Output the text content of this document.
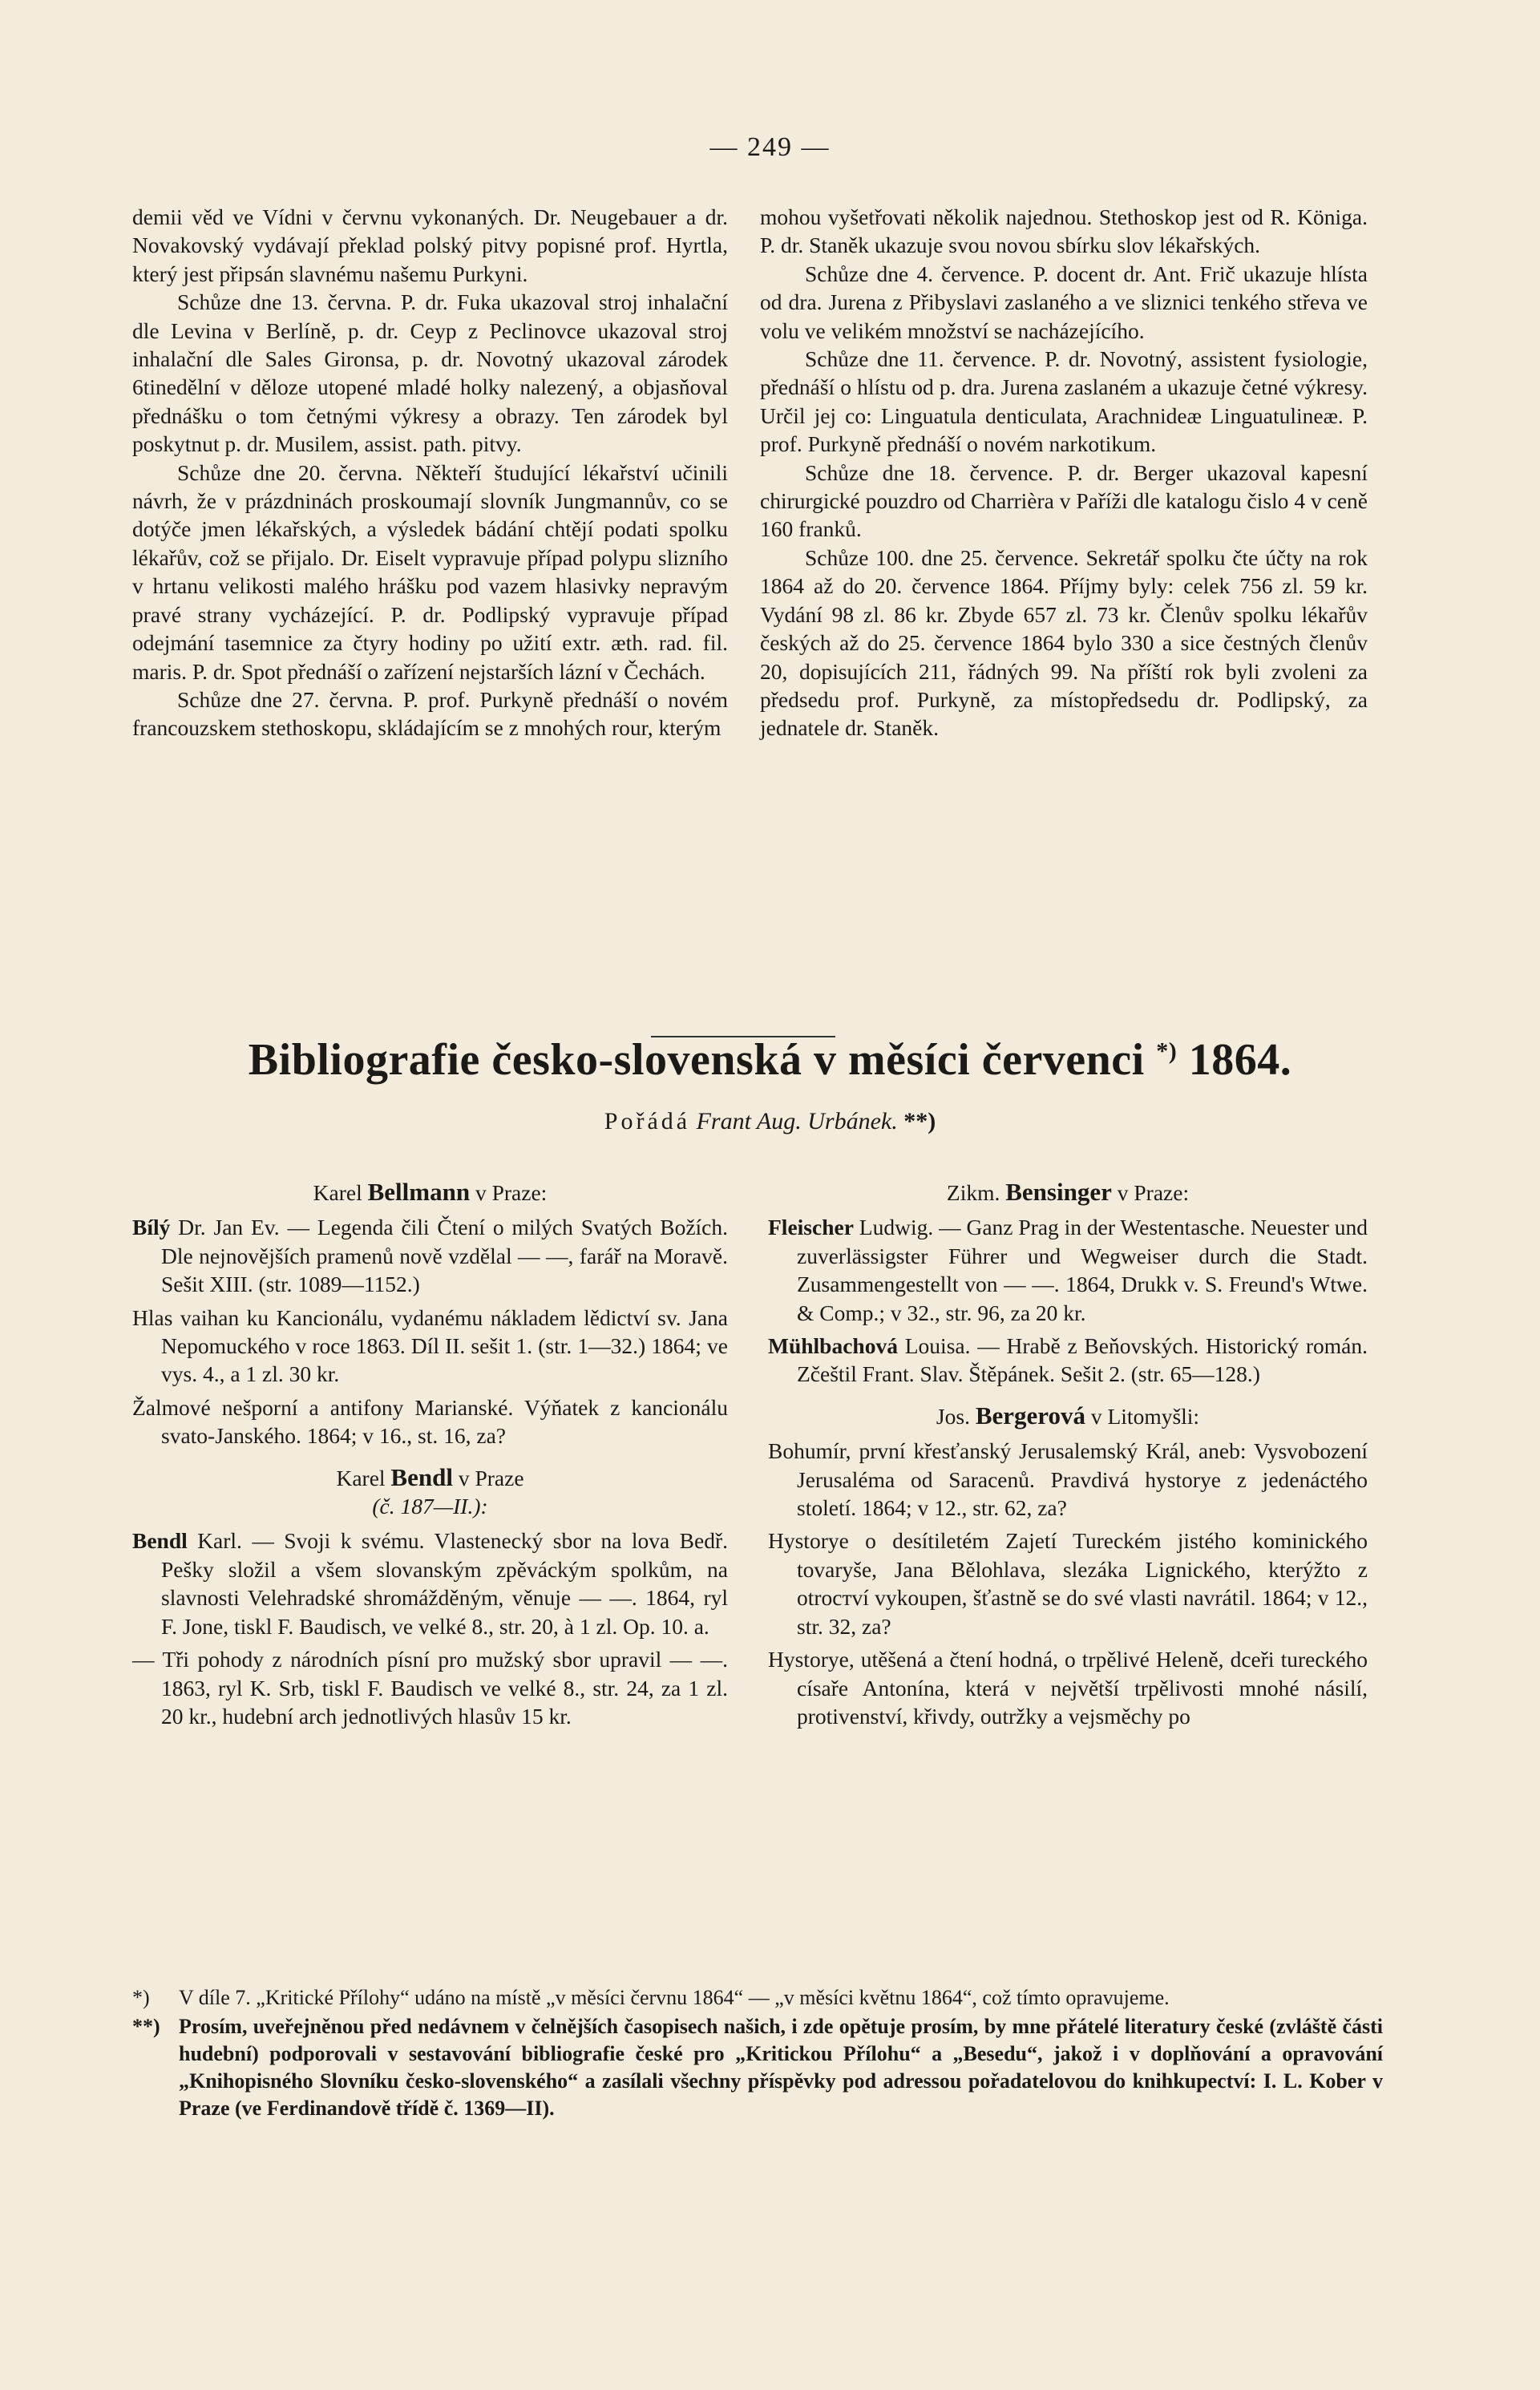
— 249 —

demii věd ve Vídni v červnu vykonaných. Dr. Neugebauer a dr. Novakovský vydávají překlad polský pitvy popisné prof. Hyrtla, který jest připsán slavnému našemu Purkyni.

Schůze dne 13. června. P. dr. Fuka ukazoval stroj inhalační dle Levina v Berlíně, p. dr. Ceyp z Peclinovce ukazoval stroj inhalační dle Sales Gironsa, p. dr. Novotný ukazoval zárodek 6tinedělní v děloze utopené mladé holky nalezený, a objasňoval přednášku o tom četnými výkresy a obrazy. Ten zárodek byl poskytnut p. dr. Musilem, assist. path. pitvy.

Schůze dne 20. června. Někteří študující lékařství učinili návrh, že v prázdninách proskoumají slovník Jungmannův, co se dotýče jmen lékařských, a výsledek bádání chtějí podati spolku lékařův, což se přijalo. Dr. Eiselt vypravuje případ polypu slizního v hrtanu velikosti malého hrášku pod vazem hlasivky nepravým pravé strany vycházející. P. dr. Podlipský vypravuje případ odejmání tasemnice za čtyry hodiny po užití extr. æth. rad. fil. maris. P. dr. Spot přednáší o zařízení nejstarších lázní v Čechách.

Schůze dne 27. června. P. prof. Purkyně přednáší o novém francouzskem stethoskopu, skládajícím se z mnohých rour, kterým

mohou vyšetřovati několik najednou. Stethoskop jest od R. Königa. P. dr. Staněk ukazuje svou novou sbírku slov lékařských.

Schůze dne 4. července. P. docent dr. Ant. Frič ukazuje hlísta od dra. Jurena z Přibyslavi zaslaného a ve sliznici tenkého střeva ve volu ve velikém množství se nacházejícího.

Schůze dne 11. července. P. dr. Novotný, assistent fysiologie, přednáší o hlístu od p. dra. Jurena zaslaném a ukazuje četné výkresy. Určil jej co: Linguatula denticulata, Arachnideæ Linguatulineæ. P. prof. Purkyně přednáší o novém narkotikum.

Schůze dne 18. července. P. dr. Berger ukazoval kapesní chirurgické pouzdro od Charrièra v Paříži dle katalogu čislo 4 v ceně 160 franků.

Schůze 100. dne 25. července. Sekretář spolku čte účty na rok 1864 až do 20. července 1864. Příjmy byly: celek 756 zl. 59 kr. Vydání 98 zl. 86 kr. Zbyde 657 zl. 73 kr. Členův spolku lékařův českých až do 25. července 1864 bylo 330 a sice čestných členův 20, dopisujících 211, řádných 99. Na příští rok byli zvoleni za předsedu prof. Purkyně, za místopředsedu dr. Podlipský, za jednatele dr. Staněk.

Bibliografie česko-slovenská v měsíci červenci *) 1864.
Pořádá Frant Aug. Urbánek. **)

Karel Bellmann v Praze:

Bílý Dr. Jan Ev. — Legenda čili Čtení o milých Svatých Božích. Dle nejnovějších pramenů nově vzdělal — —, farář na Moravě. Sešit XIII. (str. 1089—1152.)

Hlas vaihan ku Kancionálu, vydanému nákladem lědictví sv. Jana Nepomuckého v roce 1863. Díl II. sešit 1. (str. 1—32.) 1864; ve vys. 4., a 1 zl. 30 kr.

Žalmové nešporní a antifony Marianské. Výňatek z kancionálu svato-Janského. 1864; v 16., st. 16, za?

Karel Bendl v Praze
(č. 187—II.):

Bendl Karl. — Svoji k svému. Vlastenecký sbor na lova Bedř. Peškу složil a všem slovanským zpěváckým spolkům, na slavnosti Velehradské shromážděným, věnuje — —. 1864, ryl F. Jone, tiskl F. Baudisch, ve velké 8., str. 20, à 1 zl. Op. 10. a.

— Tři pohody z národních písní pro mužský sbor upravil — —. 1863, ryl K. Srb, tiskl F. Baudisch ve velké 8., str. 24, za 1 zl. 20 kr., hudební arch jednotlivých hlasův 15 kr.

Zikm. Bensinger v Praze:

Fleischer Ludwig. — Ganz Prag in der Westentasche. Neuester und zuverlässigster Führer und Wegweiser durch die Stadt. Zusammengestellt von — —. 1864, Drukk v. S. Freund's Wtwe. & Comp.; v 32., str. 96, za 20 kr.

Mühlbachová Louisa. — Hrabě z Beňovských. Historický román. Zčeštil Frant. Slav. Štěpánek. Sešit 2. (str. 65—128.)

Jos. Bergerová v Litomyšli:

Bohumír, první křesťanský Jerusalemský Král, aneb: Vysvobození Jerusaléma od Saracenů. Pravdivá hystorye z jedenáctého století. 1864; v 12., str. 62, za?

Hystorye o desítiletém Zajetí Tureckém jistého kominického tovaryše, Jana Bělohlava, slezáka Lignického, kterýžto z otrocтví vykoupen, šťastně se do své vlasti navrátil. 1864; v 12., str. 32, za?

Hystorye, utěšená a čtení hodná, o trpělivé Heleně, dceři tureckého císaře Antonína, která v největší trpělivosti mnohé násilí, protivenství, křivdy, outržky a vejsměchy po

*) V díle 7. „Kritické Přílohy“ udáno na místě „v měsíci červnu 1864“ — „v měsíci květnu 1864“, což tímto opravujeme.

**) Prosím, uveřejněnou před nedávnem v čelnějších časopisech našich, i zde opětuje prosím, by mne přátelé literatury české (zvláště části hudební) podporovali v sestavování bibliografie české pro „Kritickou Přílohu“ a „Besedu“, jakož i v doplňování a opravování „Knihopisného Slovníku česko-slovenského“ a zasílali všechny příspěvky pod adressou pořadatelovou do knihkupectví: I. L. Kober v Praze (ve Ferdinandově třídě č. 1369—II).
